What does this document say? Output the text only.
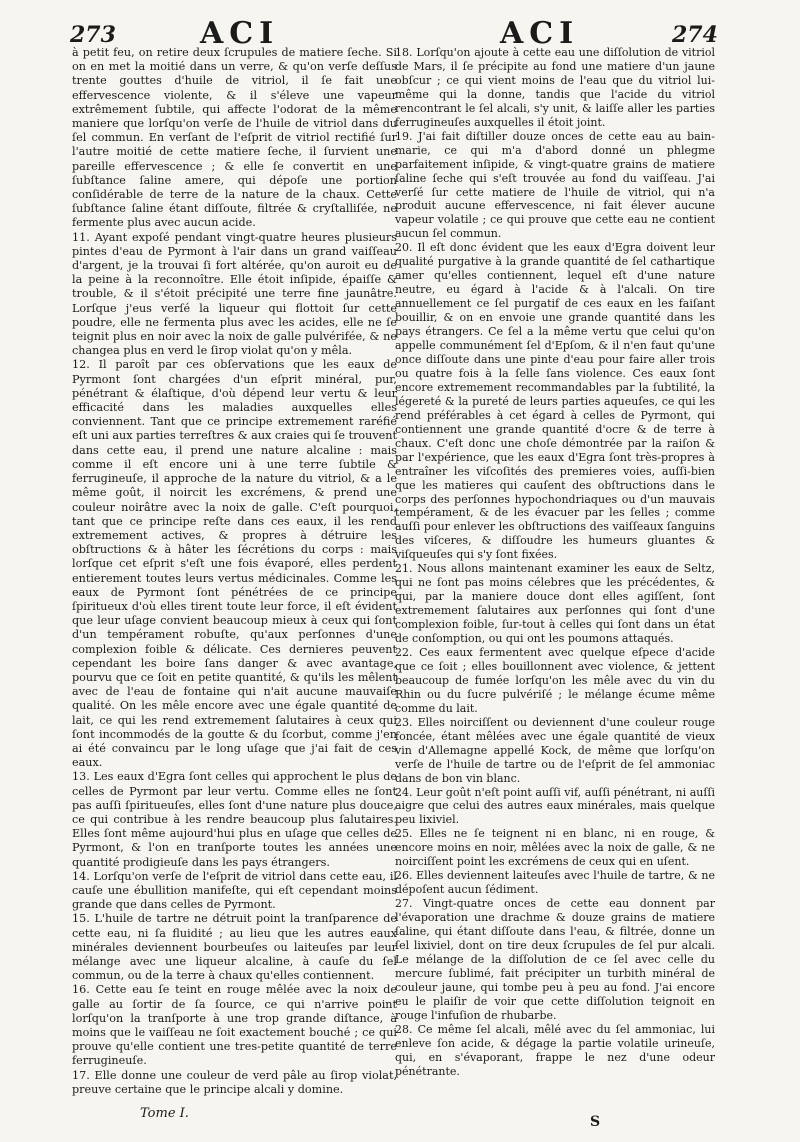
273	ACI	ACI	274

à petit feu, on retire deux ſcrupules de matiere ſeche. Si on en met la moitié dans un verre, & qu'on verſe deſſus trente gouttes d'huile de vitriol, il ſe fait une effervescence violente, & il s'éleve une vapeur extrêmement ſubtile, qui affecte l'odorat de la même maniere que lorſqu'on verſe de l'huile de vitriol dans du ſel commun. En verſant de l'eſprit de vitriol rectifié ſur l'autre moitié de cette matiere ſeche, il ſurvient une pareille effervescence ; & elle ſe convertit en une ſubſtance ſaline amere, qui dépoſe une portion conſidérable de terre de la nature de la chaux. Cette ſubſtance ſaline étant diſſoute, filtrée & cryſtalliſée, ne fermente plus avec aucun acide.

11. Ayant expoſé pendant vingt-quatre heures plusieurs pintes d'eau de Pyrmont à l'air dans un grand vaiſſeau d'argent, je la trouvai ſi fort altérée, qu'on auroit eu de la peine à la reconnoître. Elle étoit inſipide, épaiſſe & trouble, & il s'étoit précipité une terre fine jaunâtre. Lorſque j'eus verſé la liqueur qui flottoit ſur cette poudre, elle ne fermenta plus avec les acides, elle ne ſe teignit plus en noir avec la noix de galle pulvérifée, & ne changea plus en verd le ſirop violat qu'on y mêla.

12. Il paroît par ces obſervations que les eaux de Pyrmont ſont chargées d'un eſprit minéral, pur, pénétrant & élaſtique, d'où dépend leur vertu & leur efficacité dans les maladies auxquelles elles conviennent. Tant que ce principe extremement raréfié eſt uni aux parties terreſtres & aux craies qui ſe trouvent dans cette eau, il prend une nature alcaline : mais comme il eſt encore uni à une terre ſubtile & ferrugineuſe, il approche de la nature du vitriol, & a le même goût, il noircit les excrémens, & prend une couleur noirâtre avec la noix de galle. C'eſt pourquoi, tant que ce principe reſte dans ces eaux, il les rend extremement actives, & propres à détruire les obſtructions & à hâter les ſécrétions du corps : mais lorſque cet eſprit s'eſt une fois évaporé, elles perdent entierement toutes leurs vertus médicinales. Comme les eaux de Pyrmont ſont pénétrées de ce principe ſpiritueux d'où elles tirent toute leur force, il eſt évident que leur uſage convient beaucoup mieux à ceux qui ſont d'un tempérament robuſte, qu'aux perſonnes d'une complexion foible & délicate. Ces dernieres peuvent cependant les boire ſans danger & avec avantage, pourvu que ce ſoit en petite quantité, & qu'ils les mêlent avec de l'eau de fontaine qui n'ait aucune mauvaiſe qualité. On les mêle encore avec une égale quantité de lait, ce qui les rend extremement ſalutaires à ceux qui ſont incommodés de la goutte & du ſcorbut, comme j'en ai été convaincu par le long uſage que j'ai fait de ces eaux.

13. Les eaux d'Egra ſont celles qui approchent le plus de celles de Pyrmont par leur vertu. Comme elles ne ſont pas auſſi ſpiritueuſes, elles ſont d'une nature plus douce, ce qui contribue à les rendre beaucoup plus ſalutaires. Elles ſont même aujourd'hui plus en uſage que celles de Pyrmont, & l'on en tranſporte toutes les années une quantité prodigieuſe dans les pays étrangers.

14. Lorſqu'on verſe de l'eſprit de vitriol dans cette eau, il cauſe une ébullition manifeſte, qui eſt cependant moins grande que dans celles de Pyrmont.

15. L'huile de tartre ne détruit point la tranſparence de cette eau, ni ſa fluidité ; au lieu que les autres eaux minérales deviennent bourbeuſes ou laiteuſes par leur mélange avec une liqueur alcaline, à cauſe du ſel commun, ou de la terre à chaux qu'elles contiennent.

16. Cette eau ſe teint en rouge mêlée avec la noix de galle au ſortir de ſa ſource, ce qui n'arrive point lorſqu'on la tranſporte à une trop grande diſtance, à moins que le vaiſſeau ne ſoit exactement bouché ; ce qui prouve qu'elle contient une tres-petite quantité de terre ferrugineuſe.

17. Elle donne une couleur de verd pâle au ſirop violat, preuve certaine que le principe alcali y domine.

18. Lorſqu'on ajoute à cette eau une diſſolution de vitriol de Mars, il ſe précipite au fond une matiere d'un jaune obſcur ; ce qui vient moins de l'eau que du vitriol lui-même qui la donne, tandis que l'acide du vitriol rencontrant le ſel alcali, s'y unit, & laiſſe aller les parties ferrugineuſes auxquelles il étoit joint.

19. J'ai fait diſtiller douze onces de cette eau au bain-marie, ce qui m'a d'abord donné un phlegme parfaitement inſipide, & vingt-quatre grains de matiere ſaline ſeche qui s'eſt trouvée au fond du vaiſſeau. J'ai verſé ſur cette matiere de l'huile de vitriol, qui n'a produit aucune effervescence, ni fait élever aucune vapeur volatile ; ce qui prouve que cette eau ne contient aucun ſel commun.

20. Il eſt donc évident que les eaux d'Egra doivent leur qualité purgative à la grande quantité de ſel cathartique amer qu'elles contiennent, lequel eſt d'une nature neutre, eu égard à l'acide & à l'alcali. On tire annuellement ce ſel purgatif de ces eaux en les faiſant bouillir, & on en envoie une grande quantité dans les pays étrangers. Ce ſel a la même vertu que celui qu'on appelle communément ſel d'Epſom, & il n'en faut qu'une once diſſoute dans une pinte d'eau pour faire aller trois ou quatre fois à la ſelle ſans violence. Ces eaux ſont encore extremement recommandables par la ſubtilité, la légereté & la pureté de leurs parties aqueuſes, ce qui les rend préférables à cet égard à celles de Pyrmont, qui contiennent une grande quantité d'ocre & de terre à chaux. C'eſt donc une choſe démontrée par la raiſon & par l'expérience, que les eaux d'Egra ſont très-propres à entraîner les viſcoſités des premieres voies, auſſi-bien que les matieres qui cauſent des obſtructions dans le corps des perſonnes hypochondriaques ou d'un mauvais tempérament, & de les évacuer par les ſelles ; comme auſſi pour enlever les obſtructions des vaiſſeaux ſanguins des viſceres, & diſſoudre les humeurs gluantes & viſqueuſes qui s'y ſont fixées.

21. Nous allons maintenant examiner les eaux de Seltz, qui ne ſont pas moins célebres que les précédentes, & qui, par la maniere douce dont elles agiſſent, ſont extremement ſalutaires aux perſonnes qui ſont d'une complexion foible, ſur-tout à celles qui ſont dans un état de conſomption, ou qui ont les poumons attaqués.

22. Ces eaux fermentent avec quelque eſpece d'acide que ce ſoit ; elles bouillonnent avec violence, & jettent beaucoup de fumée lorſqu'on les mêle avec du vin du Rhin ou du ſucre pulvériſé ; le mélange écume même comme du lait.

23. Elles noirciſſent ou deviennent d'une couleur rouge foncée, étant mêlées avec une égale quantité de vieux vin d'Allemagne appellé Kock, de même que lorſqu'on verſe de l'huile de tartre ou de l'eſprit de ſel ammoniac dans de bon vin blanc.

24. Leur goût n'eſt point auſſi vif, auſſi pénétrant, ni auſſi aigre que celui des autres eaux minérales, mais quelque peu lixiviel.

25. Elles ne ſe teignent ni en blanc, ni en rouge, & encore moins en noir, mêlées avec la noix de galle, & ne noirciſſent point les excrémens de ceux qui en uſent.

26. Elles deviennent laiteuſes avec l'huile de tartre, & ne dépoſent aucun ſédiment.

27. Vingt-quatre onces de cette eau donnent par l'évaporation une drachme & douze grains de matiere ſaline, qui étant diſſoute dans l'eau, & filtrée, donne un ſel lixiviel, dont on tire deux ſcrupules de ſel pur alcali. Le mélange de la diſſolution de ce ſel avec celle du mercure ſublimé, fait précipiter un turbith minéral de couleur jaune, qui tombe peu à peu au fond. J'ai encore eu le plaiſir de voir que cette diſſolution teignoit en rouge l'infuſion de rhubarbe.

28. Ce même ſel alcali, mêlé avec du ſel ammoniac, lui enleve ſon acide, & dégage la partie volatile urineuſe, qui, en s'évaporant, frappe le nez d'une odeur pénétrante.

Tome I.
S
